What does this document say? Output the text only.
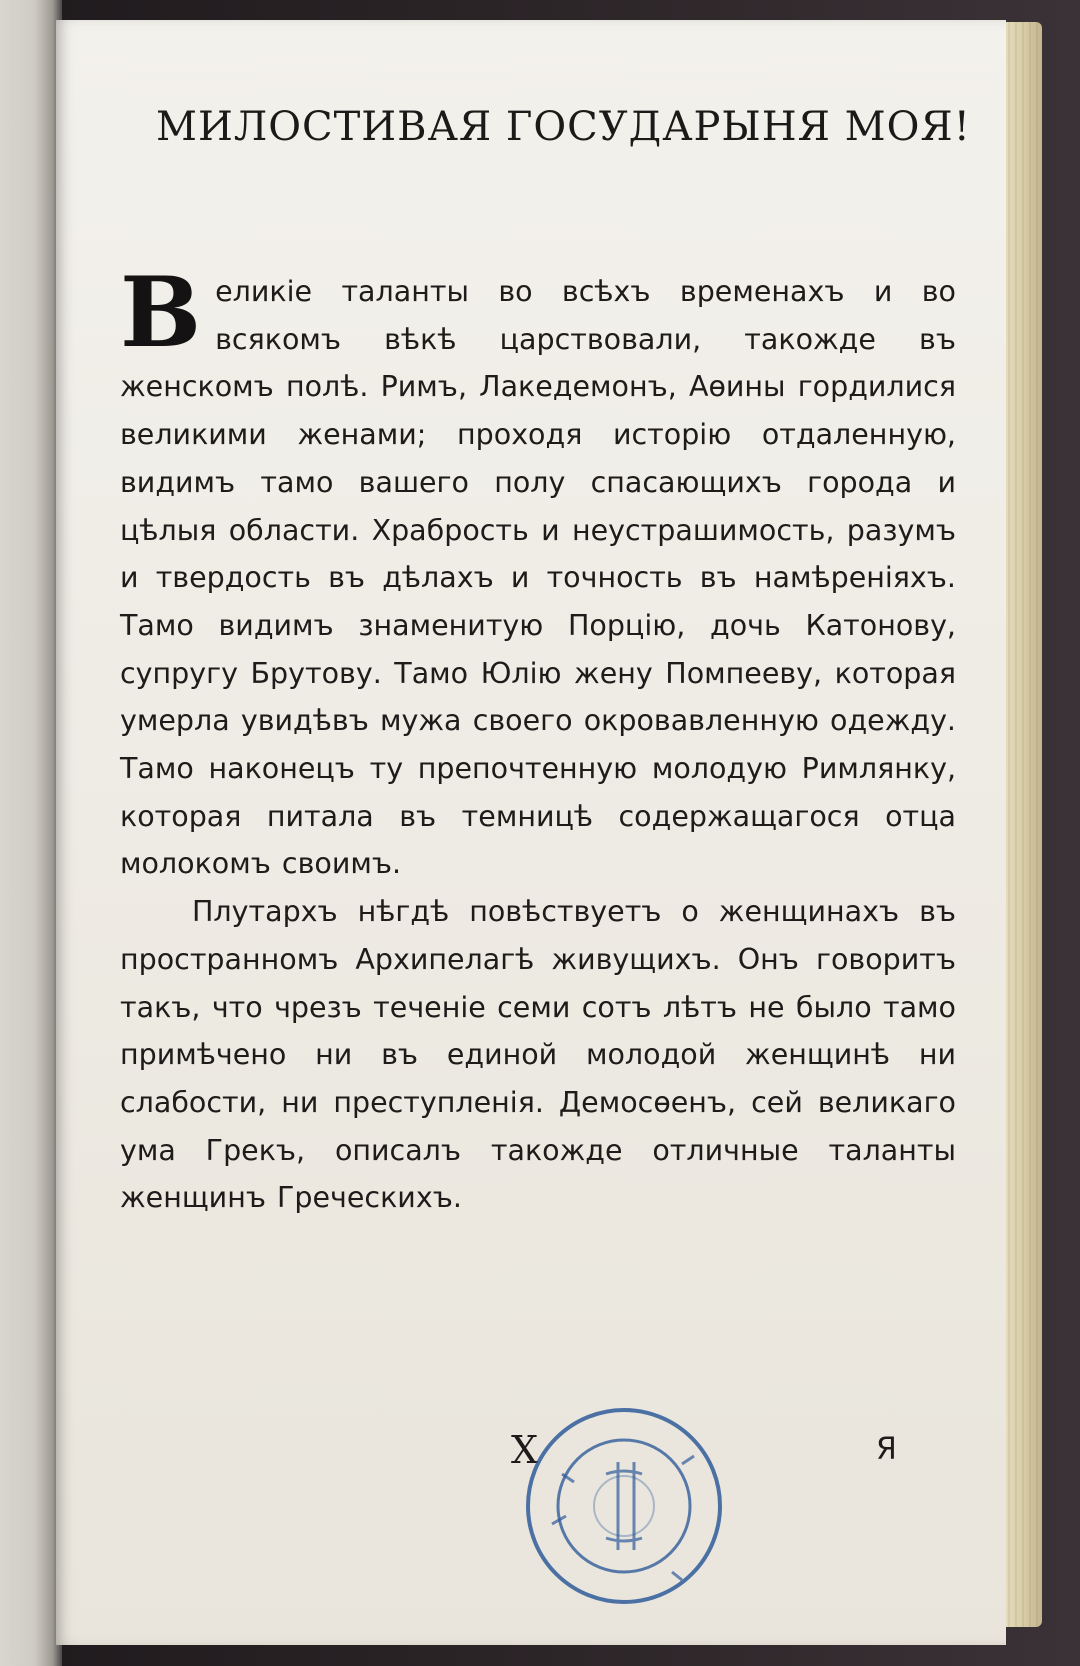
МИЛОСТИВАЯ ГОСУДАРЫНЯ МОЯ!

Великіе таланты во всѣхъ временахъ и во всякомъ вѣкѣ царствовали, такожде въ женскомъ полѣ. Римъ, Лакедемонъ, Аѳины гордилися великими женами; проходя исторію отдаленную, видимъ тамо вашего полу спасающихъ города и цѣлыя области. Храбрость и неустрашимость, разумъ и твердость въ дѣлахъ и точность въ намѣреніяхъ. Тамо видимъ знаменитую Порцію, дочь Катонову, супругу Брутову. Тамо Юлію жену Помпееву, которая умерла увидѣвъ мужа своего окровавленную одежду. Тамо наконецъ ту препочтенную молодую Римлянку, которая питала въ темницѣ содержащагося отца молокомъ своимъ.

Плутархъ нѣгдѣ повѣствуетъ о женщинахъ въ пространномъ Архипелагѣ живущихъ. Онъ говоритъ такъ, что чрезъ теченіе семи сотъ лѣтъ не было тамо примѣчено ни въ единой молодой женщинѣ ни слабости, ни преступленія. Демосѳенъ, сей великаго ума Грекъ, описалъ такожде отличные таланты женщинъ Греческихъ.

Х	Я
